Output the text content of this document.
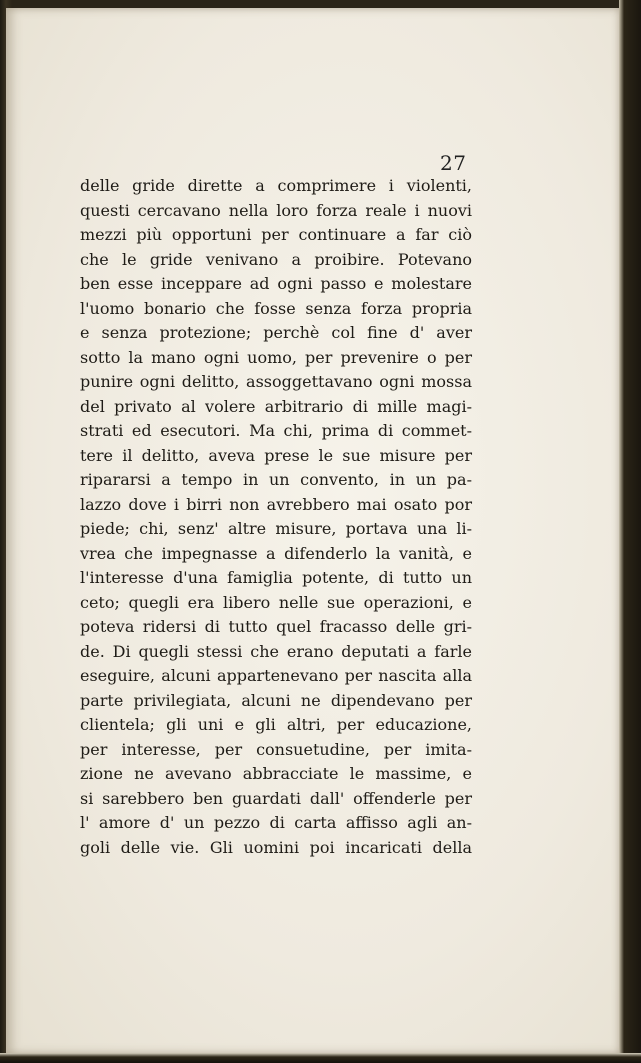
27
delle gride dirette a comprimere i violenti,
questi cercavano nella loro forza reale i nuovi
mezzi più opportuni per continuare a far ciò
che le gride venivano a proibire. Potevano
ben esse inceppare ad ogni passo e molestare
l'uomo bonario che fosse senza forza propria
e senza protezione; perchè col fine d' aver
sotto la mano ogni uomo, per prevenire o per
punire ogni delitto, assoggettavano ogni mossa
del privato al volere arbitrario di mille magi-
strati ed esecutori. Ma chi, prima di commet-
tere il delitto, aveva prese le sue misure per
ripararsi a tempo in un convento, in un pa-
lazzo dove i birri non avrebbero mai osato por
piede; chi, senz' altre misure, portava una li-
vrea che impegnasse a difenderlo la vanità, e
l'interesse d'una famiglia potente, di tutto un
ceto; quegli era libero nelle sue operazioni, e
poteva ridersi di tutto quel fracasso delle gri-
de. Di quegli stessi che erano deputati a farle
eseguire, alcuni appartenevano per nascita alla
parte privilegiata, alcuni ne dipendevano per
clientela; gli uni e gli altri, per educazione,
per interesse, per consuetudine, per imita-
zione ne avevano abbracciate le massime, e
si sarebbero ben guardati dall' offenderle per
l' amore d' un pezzo di carta affisso agli an-
goli delle vie. Gli uomini poi incaricati della
